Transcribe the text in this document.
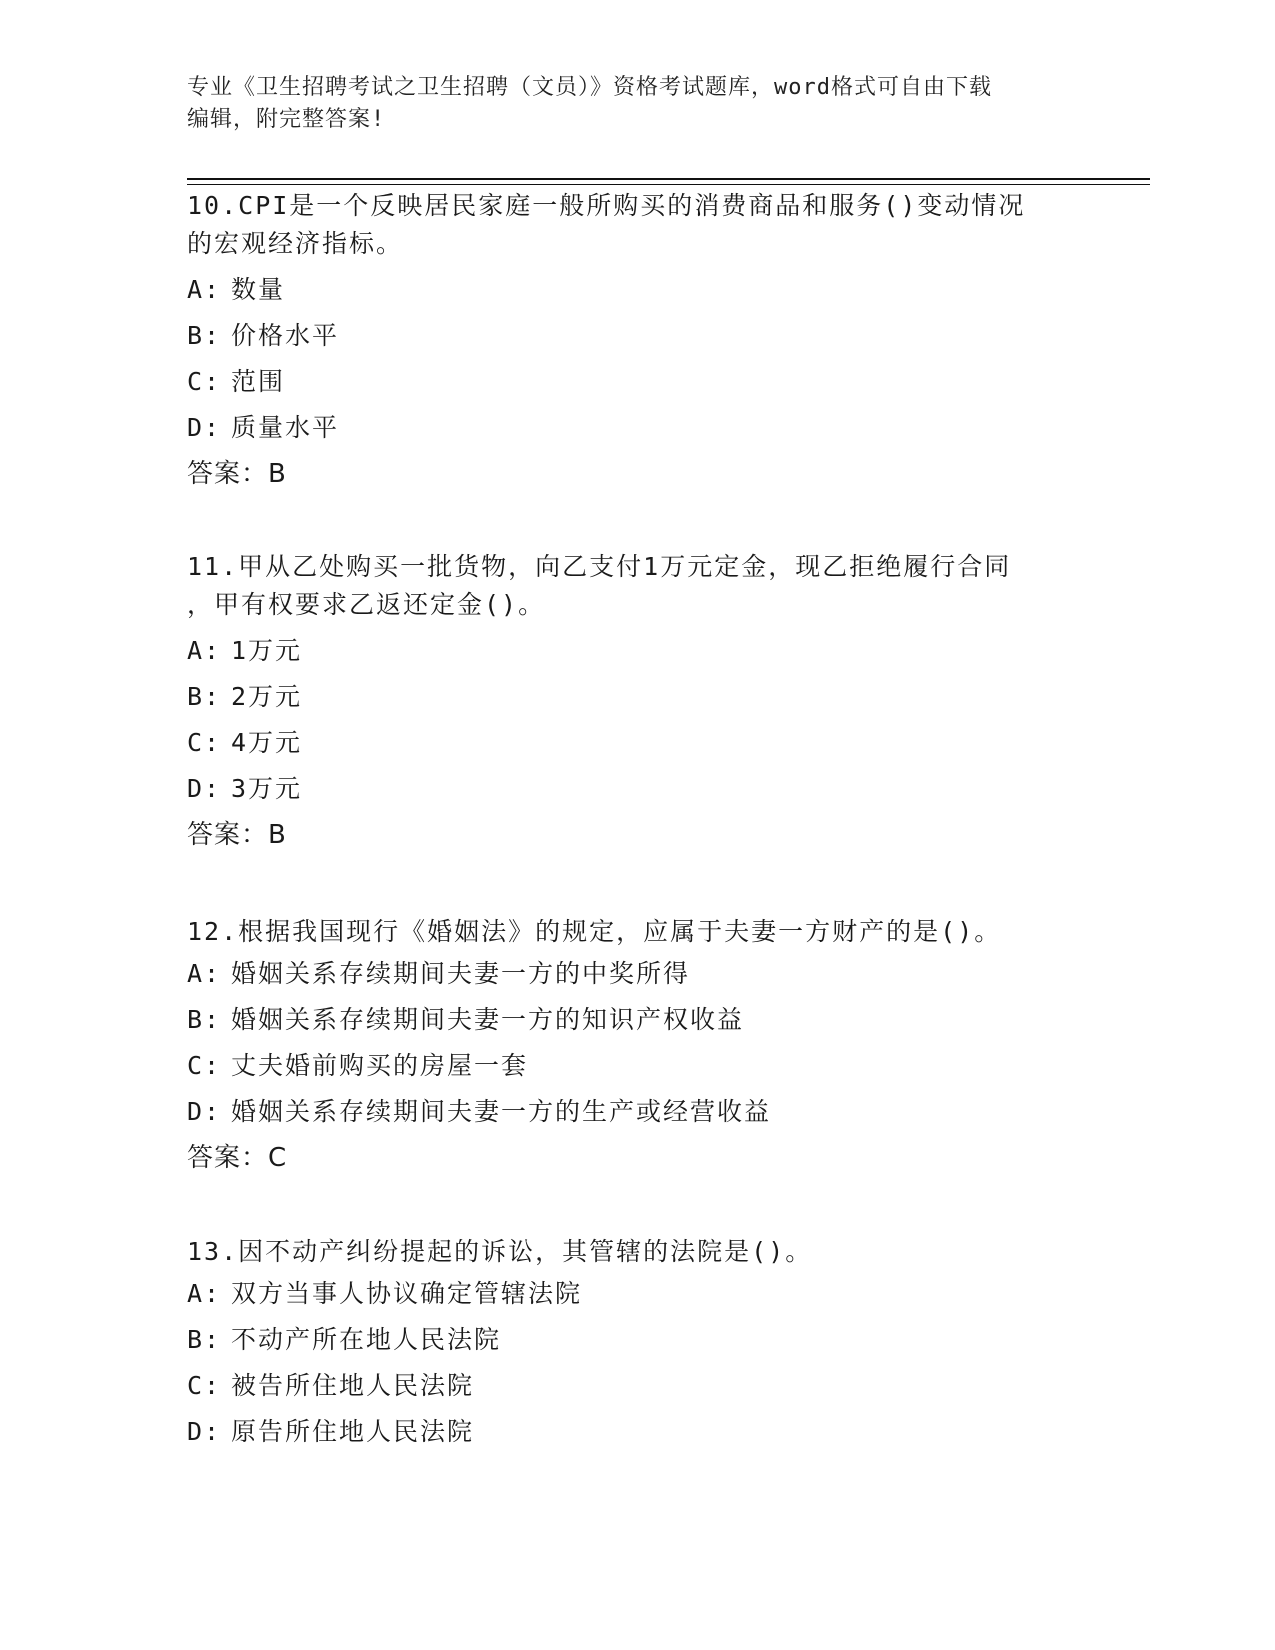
专业《卫生招聘考试之卫生招聘（文员）》资格考试题库，word格式可自由下载
编辑，附完整答案!

10.CPI是一个反映居民家庭一般所购买的消费商品和服务()变动情况

的宏观经济指标。

A: 数量

B: 价格水平

C: 范围

D: 质量水平

答案：B

11.甲从乙处购买一批货物，向乙支付1万元定金，现乙拒绝履行合同

，甲有权要求乙返还定金()。

A: 1万元

B: 2万元

C: 4万元

D: 3万元

答案：B

12.根据我国现行《婚姻法》的规定，应属于夫妻一方财产的是()。

A: 婚姻关系存续期间夫妻一方的中奖所得

B: 婚姻关系存续期间夫妻一方的知识产权收益

C: 丈夫婚前购买的房屋一套

D: 婚姻关系存续期间夫妻一方的生产或经营收益

答案：C

13.因不动产纠纷提起的诉讼，其管辖的法院是()。

A: 双方当事人协议确定管辖法院

B: 不动产所在地人民法院

C: 被告所住地人民法院

D: 原告所住地人民法院
